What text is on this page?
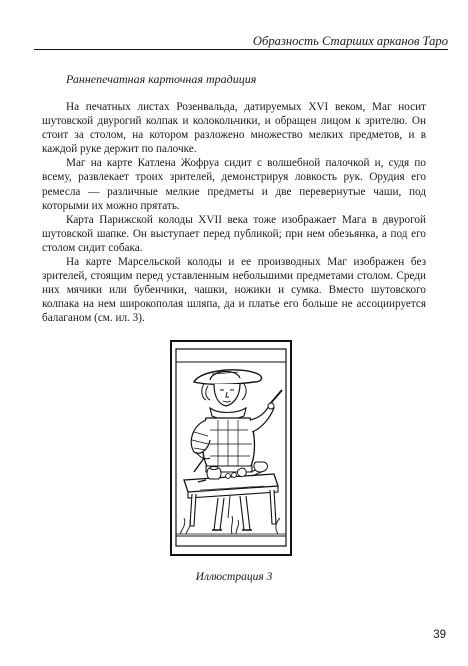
Образность Старших арканов Таро
Раннепечатная карточная традиция

На печатных листах Розенвальда, датируемых XVI веком, Маг носит шутовской двурогий колпак и колокольчики, и обращен лицом к зрителю. Он стоит за столом, на котором разложено множество мелких предметов, и в каждой руке держит по палочке.

Маг на карте Катлена Жофруа сидит с волшебной палочкой и, судя по всему, развлекает троих зрителей, демонстрируя ловкость рук. Орудия его ремесла — различные мелкие предметы и две перевернутые чаши, под которыми их можно прятать.

Карта Парижской колоды XVII века тоже изображает Мага в двурогой шутовской шапке. Он выступает перед публикой; при нем обезьянка, а под его столом сидит собака.

На карте Марсельской колоды и ее производных Маг изображен без зрителей, стоящим перед уставленным небольшими предметами столом. Среди них мячики или бубенчики, чашки, ножики и сумка. Вместо шутовского колпака на нем широкополая шляпа, да и платье его больше не ассоциируется балаганом (см. ил. 3).

Иллюстрация 3
39
